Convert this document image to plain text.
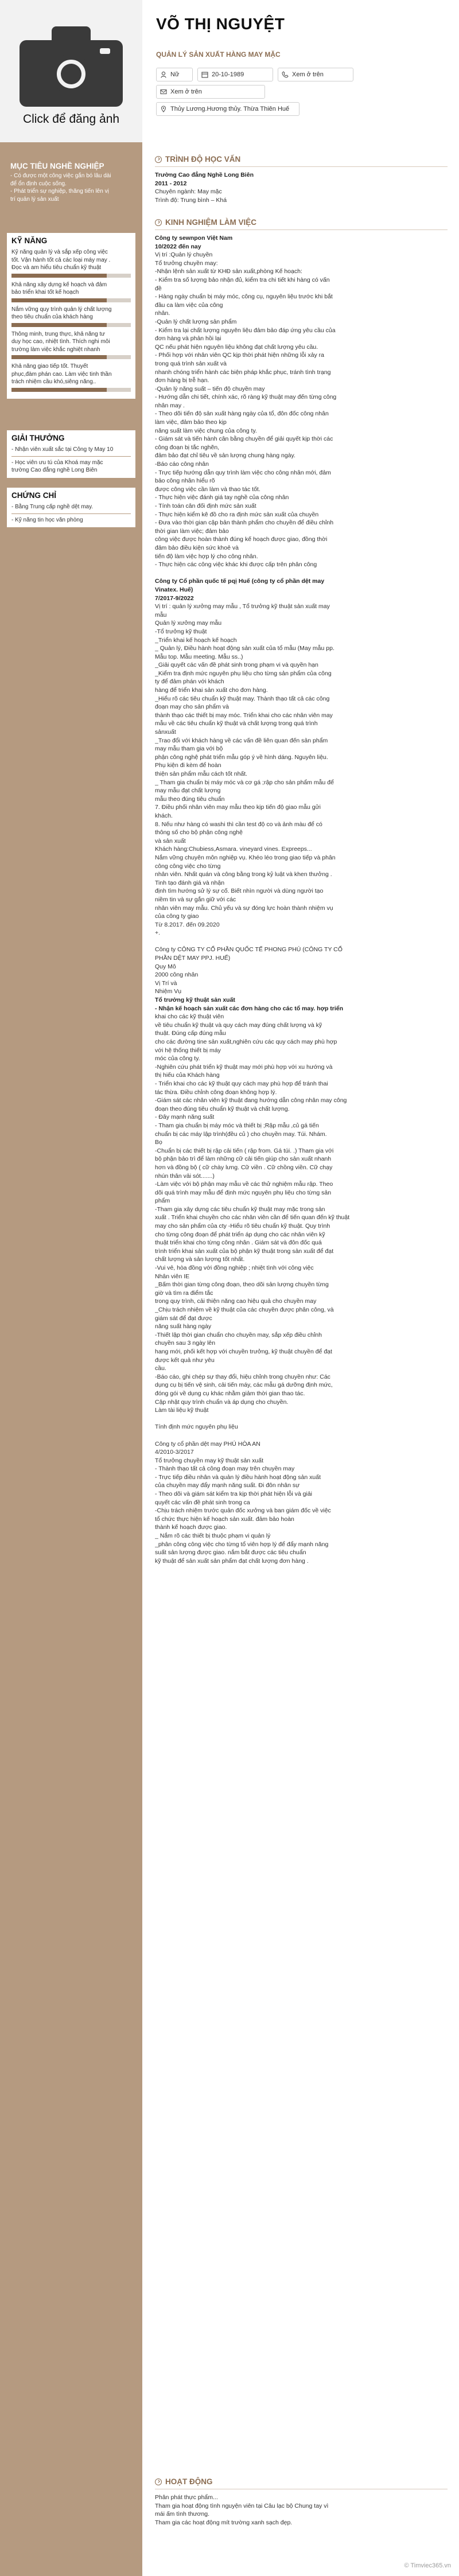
Click để đăng ảnh
VÕ THỊ NGUYỆT
QUẢN LÝ SẢN XUẤT HÀNG MAY MẶC
Nữ	20-10-1989	Xem ở trên
Xem ở trên
Thủy Lương.Hương thủy. Thừa Thiên Huế
MỤC TIÊU NGHỀ NGHIỆP
- Có được một công việc gắn bó lâu dài
để ổn định cuộc sống.
- Phát triển sự nghiệp, thăng tiến lên vị
trí quản lý sản xuất
KỸ NĂNG
Kỹ năng quản lý và sắp xếp công việc
tốt. Vận hành tốt cả các loại máy may .
Đọc và am hiểu tiêu chuẩn kỹ thuật
Khả năng xây dựng kế hoạch và đảm
bảo triển khai tốt kế hoạch
Nắm vững quy trình quản lý chất lượng
theo tiêu chuẩn của khách hàng
Thông minh, trung thực, khả năng tư
duy học cao, nhiệt tình. Thích nghi môi
trường làm việc khắc nghiệt nhanh
Khả năng giao tiếp tốt. Thuyết
phục,đàm phán cao. Làm việc tinh thần
trách nhiệm cầu khó,siêng năng..
GIẢI THƯỞNG
- Nhận viên xuất sắc tại Công ty May 10
- Học viên ưu tú của Khoá may mặc
trường Cao đẳng nghề Long Biên
CHỨNG CHỈ
- Bằng Trung cấp nghề dệt may.
- Kỹ năng tin học văn phòng
TRÌNH ĐỘ HỌC VẤN
Trường Cao đẳng Nghề Long Biên
2011 - 2012
Chuyên ngành: May mặc
Trình độ: Trung bình – Khá
KINH NGHIỆM LÀM VIỆC
Công ty sewnpon Việt Nam
10/2022 đến nay
Vị trí :Quản lý chuyền
Tổ trưởng chuyền may:
-Nhận lệnh sản xuất từ KHĐ sản xuất,phòng Kế hoạch:
- Kiểm tra số lượng bảo nhận đủ, kiểm tra chi tiết khi hàng có vấn
đề
- Hàng ngày chuẩn bị máy móc, công cụ, nguyên liệu trước khi bắt
đầu ca làm việc của công
nhân.
-Quản lý chất lượng sản phẩm
- Kiểm tra lại chất lượng nguyên liệu đảm bảo đáp ứng yêu cầu của
đơn hàng và phản hồi lại
QC nếu phát hiện nguyên liệu không đạt chất lượng yêu cầu.
- Phối hợp với nhân viên QC kịp thời phát hiện những lỗi xảy ra
trong quá trình sản xuất và
nhanh chóng triển hành các biện pháp khắc phục, tránh tình trạng
đơn hàng bị trễ hạn.
-Quản lý năng suất – tiến độ chuyền may
- Hướng dẫn chi tiết, chính xác, rõ ràng kỹ thuật may đến từng công
nhân may .
- Theo dõi tiến độ sản xuất hàng ngày của tổ, đôn đốc công nhân
làm việc, đảm bảo theo kịp
năng suất làm việc chung của công ty.
- Giám sát và tiến hành cân bằng chuyền để giải quyết kịp thời các
công đoạn bị tắc nghẽn,
đảm bảo đạt chỉ tiêu về sản lượng chung hàng ngày.
-Báo cáo công nhân
- Trực tiếp hướng dẫn quy trình làm việc cho công nhân mới, đảm
bảo công nhân hiểu rõ
được công việc cần làm và thao tác tốt.
- Thực hiện việc đánh giá tay nghề của công nhân
- Tính toán cân đối định mức sản xuất
- Thực hiện kiểm kê đồ cho ra định mức sản xuất của chuyền
- Đưa vào thời gian cập bản thành phẩm cho chuyền để điều chỉnh
thời gian làm việc; đảm bảo
công việc được hoàn thành đúng kế hoạch được giao, đồng thời
đảm bảo điều kiện sức khoẻ và
tiến độ làm việc hợp lý cho công nhân.
- Thực hiện các công việc khác khi được cấp trên phân công

Công ty Cổ phần quốc tế pqị Huế (công ty cổ phần dệt may
Vinatex. Huế)
7/2017-9/2022
Vị trí : quản lý xưởng may mẫu , Tổ trưởng kỹ thuật sản xuất may
mẫu
Quản lý xưởng may mẫu
-Tổ trưởng kỹ thuật
_Triển khai kế hoạch kế hoạch
_ Quản lý, Điều hành hoạt động sản xuất của tổ mẫu (May mẫu pp.
Mẫu top. Mẫu meeting. Mẫu ss..)
_Giải quyết các vấn đề phát sinh trong phạm vi và quyền hạn
_Kiểm tra định mức nguyên phụ liệu cho từng sản phẩm của công
ty để đảm phán với khách
hàng để triển khai sản xuất cho đơn hàng.
_Hiểu rõ các tiêu chuẩn kỹ thuật may. Thành thạo tất cả các công
đoạn may cho sản phẩm và
thành thạo các thiết bị may móc. Triển khai cho các nhân viên may
mẫu về các tiêu chuẩn kỹ thuật và chất lượng trong quá trình
sảnxuất
_Trao đổi với khách hàng về các vấn đề liên quan đến sản phẩm
may mẫu tham gia với bộ
phận công nghệ phát triển mẫu góp ý về hình dáng. Nguyên liệu.
Phụ kiện đi kèm để hoàn
thiện sản phẩm mẫu cách tốt nhất.
_ Tham gia chuẩn bị máy móc và cơ gá ;rập cho sản phẩm mẫu để
may mẫu đạt chất lượng
mẫu theo đúng tiêu chuẩn
7. Điều phối nhân viên may mẫu theo kịp tiến độ giao mẫu gửi
khách.
8. Nếu như hàng có washi thì cần test độ co và ảnh màu để có
thông số cho bộ phận công nghệ
và sản xuất
Khách hàng:Chubiess,Asmara. vineyard vines. Expreeps...
Nắm vững chuyên môn nghiệp vụ. Khéo léo trong giao tiếp và phân
công công việc cho từng
nhân viên. Nhất quán và công bằng trong kỷ luật và khen thưởng .
Tinh tạo đánh giá và nhận
định tìm hướng sử lý sự cố. Biết nhìn người và dùng người tạo
niềm tin và sự gắn giữ với các
nhân viên may mẫu. Chủ yếu và sự đóng lực hoàn thành nhiệm vụ
của công ty giao
Từ 8.2017. đến 09.2020
+.

Công ty CÔNG TY CỔ PHẦN QUỐC TẾ PHONG PHÚ (CÔNG TY CỔ
PHẦN DỆT MAY PPJ. HUẾ)
Quy Mô
2000 công nhân
Vị Trí và
Nhiệm Vụ
Tổ trưởng kỹ thuật sản xuất
- Nhận kế hoạch sản xuất các đơn hàng cho các tổ may. hợp triển
khai cho các kỹ thuật viên
về tiêu chuẩn kỹ thuật và quy cách may đúng chất lượng và kỹ
thuật. Đúng cấp đúng mẫu
cho các đường tine sản xuất,nghiên cứu các quy cách may phù hợp
với hệ thống thiết bị máy
móc của công ty.
-Nghiên cứu phát triển kỹ thuật may mới phù hợp với xu hướng và
thị hiếu của Khách hàng
- Triển khai cho các kỹ thuật quy cách may phù hợp để tránh thai
tác thừa. Điều chỉnh công đoạn không hợp lý.
-Giám sát các nhân viên kỹ thuật đang hướng dẫn công nhân may công
đoạn theo đúng tiêu chuẩn kỹ thuật và chất lượng.
- Đây mạnh năng suất
- Tham gia chuẩn bị máy móc và thiết bị ;Rập mẫu ,củ gá tiến
chuẩn bị các máy lập trình(đều củ ) cho chuyền may. Túi. Nhám.
Bọ
-Chuẩn bị các thiết bị rập cải tiến ( rập from. Gá túi. .) Tham gia với
bộ phận bảo trì để làm những cữ cải tiến giúp cho sản xuất nhanh
hơn và đồng bộ ( cữ chày lưng. Cữ viền . Cữ chồng viền. Cữ chạy
nhún thân vải sót.......)
-Làm việc với bộ phận may mẫu về các thử nghiệm mẫu rập. Theo
dõi quá trình may mẫu để định mức nguyên phụ liệu cho từng sản
phẩm
-Tham gia xây dựng các tiêu chuẩn kỹ thuật may mặc trong sản
xuất . Triển khai chuyền cho các nhân viên cần để tiến quan đến kỹ thuật
may cho sản phẩm của cty -Hiểu rõ tiêu chuẩn kỹ thuật. Quy trình
cho từng công đoạn để phát triển áp dụng cho các nhân viên kỹ
thuật triển khai cho từng công nhân . Giám sát và đôn đốc quá
trình triển khai sản xuất của bộ phận kỹ thuật trong sản xuất để đạt
chất lượng và sản lượng tốt nhất.
-Vui vẻ, hòa đồng với đồng nghiệp ; nhiệt tình với công việc
Nhân viên IE
_Bấm thời gian từng công đoạn, theo dõi sản lượng chuyền từng
giờ và tìm ra điểm tắc
trong quy trình, cải thiện năng cao hiệu quả cho chuyền may
_Chịu trách nhiệm về kỹ thuật của các chuyền được phân công, và
giám sát để đạt được
năng suất hàng ngày
-Thiết lập thời gian chuẩn cho chuyền may, sắp xếp điều chỉnh
chuyền sau 3 ngày lên
hang mới, phối kết hợp với chuyền trưởng, kỹ thuật chuyền để đạt
được kết quả như yêu
cầu.
-Báo cáo, ghi chép sự thay đổi, hiệu chỉnh trong chuyền như: Các
dụng cụ bị tiến vệ sinh, cải tiến máy, các mẫu gá dưỡng định mức,
đóng gói về dụng cụ khác nhằm giảm thời gian thao tác.
Cập nhật quy trình chuẩn và áp dụng cho chuyền.
Làm tài liệu kỹ thuật

Tính định mức nguyên phụ liệu

Công ty cổ phần dệt may PHÚ HÒA AN
4/2010-3/2017
Tổ trưởng chuyền may kỹ thuật sản xuất
- Thành thạo tất cả công đoạn may trên chuyền may
- Trực tiếp điều nhân và quản lý điều hành hoạt động sản xuất
của chuyền may đẩy mạnh năng suất. Đi đôn nhân sự
- Theo dõi và giám sát kiểm tra kịp thời phát hiện lỗi và giải
quyết các vấn đề phát sinh trong ca
-Chịu trách nhiệm trước quản đốc xưởng và ban giám đốc về việc
tổ chức thực hiện kế hoạch sản xuất. đảm bảo hoàn
thành kế hoạch được giao.
_ Nắm rõ các thiết bị thuộc phạm vi quản lý
_phân công công việc cho từng tổ viên hợp lý để đẩy mạnh năng
suất sản lượng được giao. nắm bắt được các tiêu chuẩn
kỹ thuật để sản xuất sản phẩm đạt chất lượng đơn hàng .
HOẠT ĐỘNG
Phân phát thực phẩm...
Tham gia hoạt động tình nguyện viên tại Câu lạc bộ Chung tay vì
mái ấm tình thương.
Tham gia các hoạt động mít trường xanh sạch đẹp.
© Timviec365.vn
